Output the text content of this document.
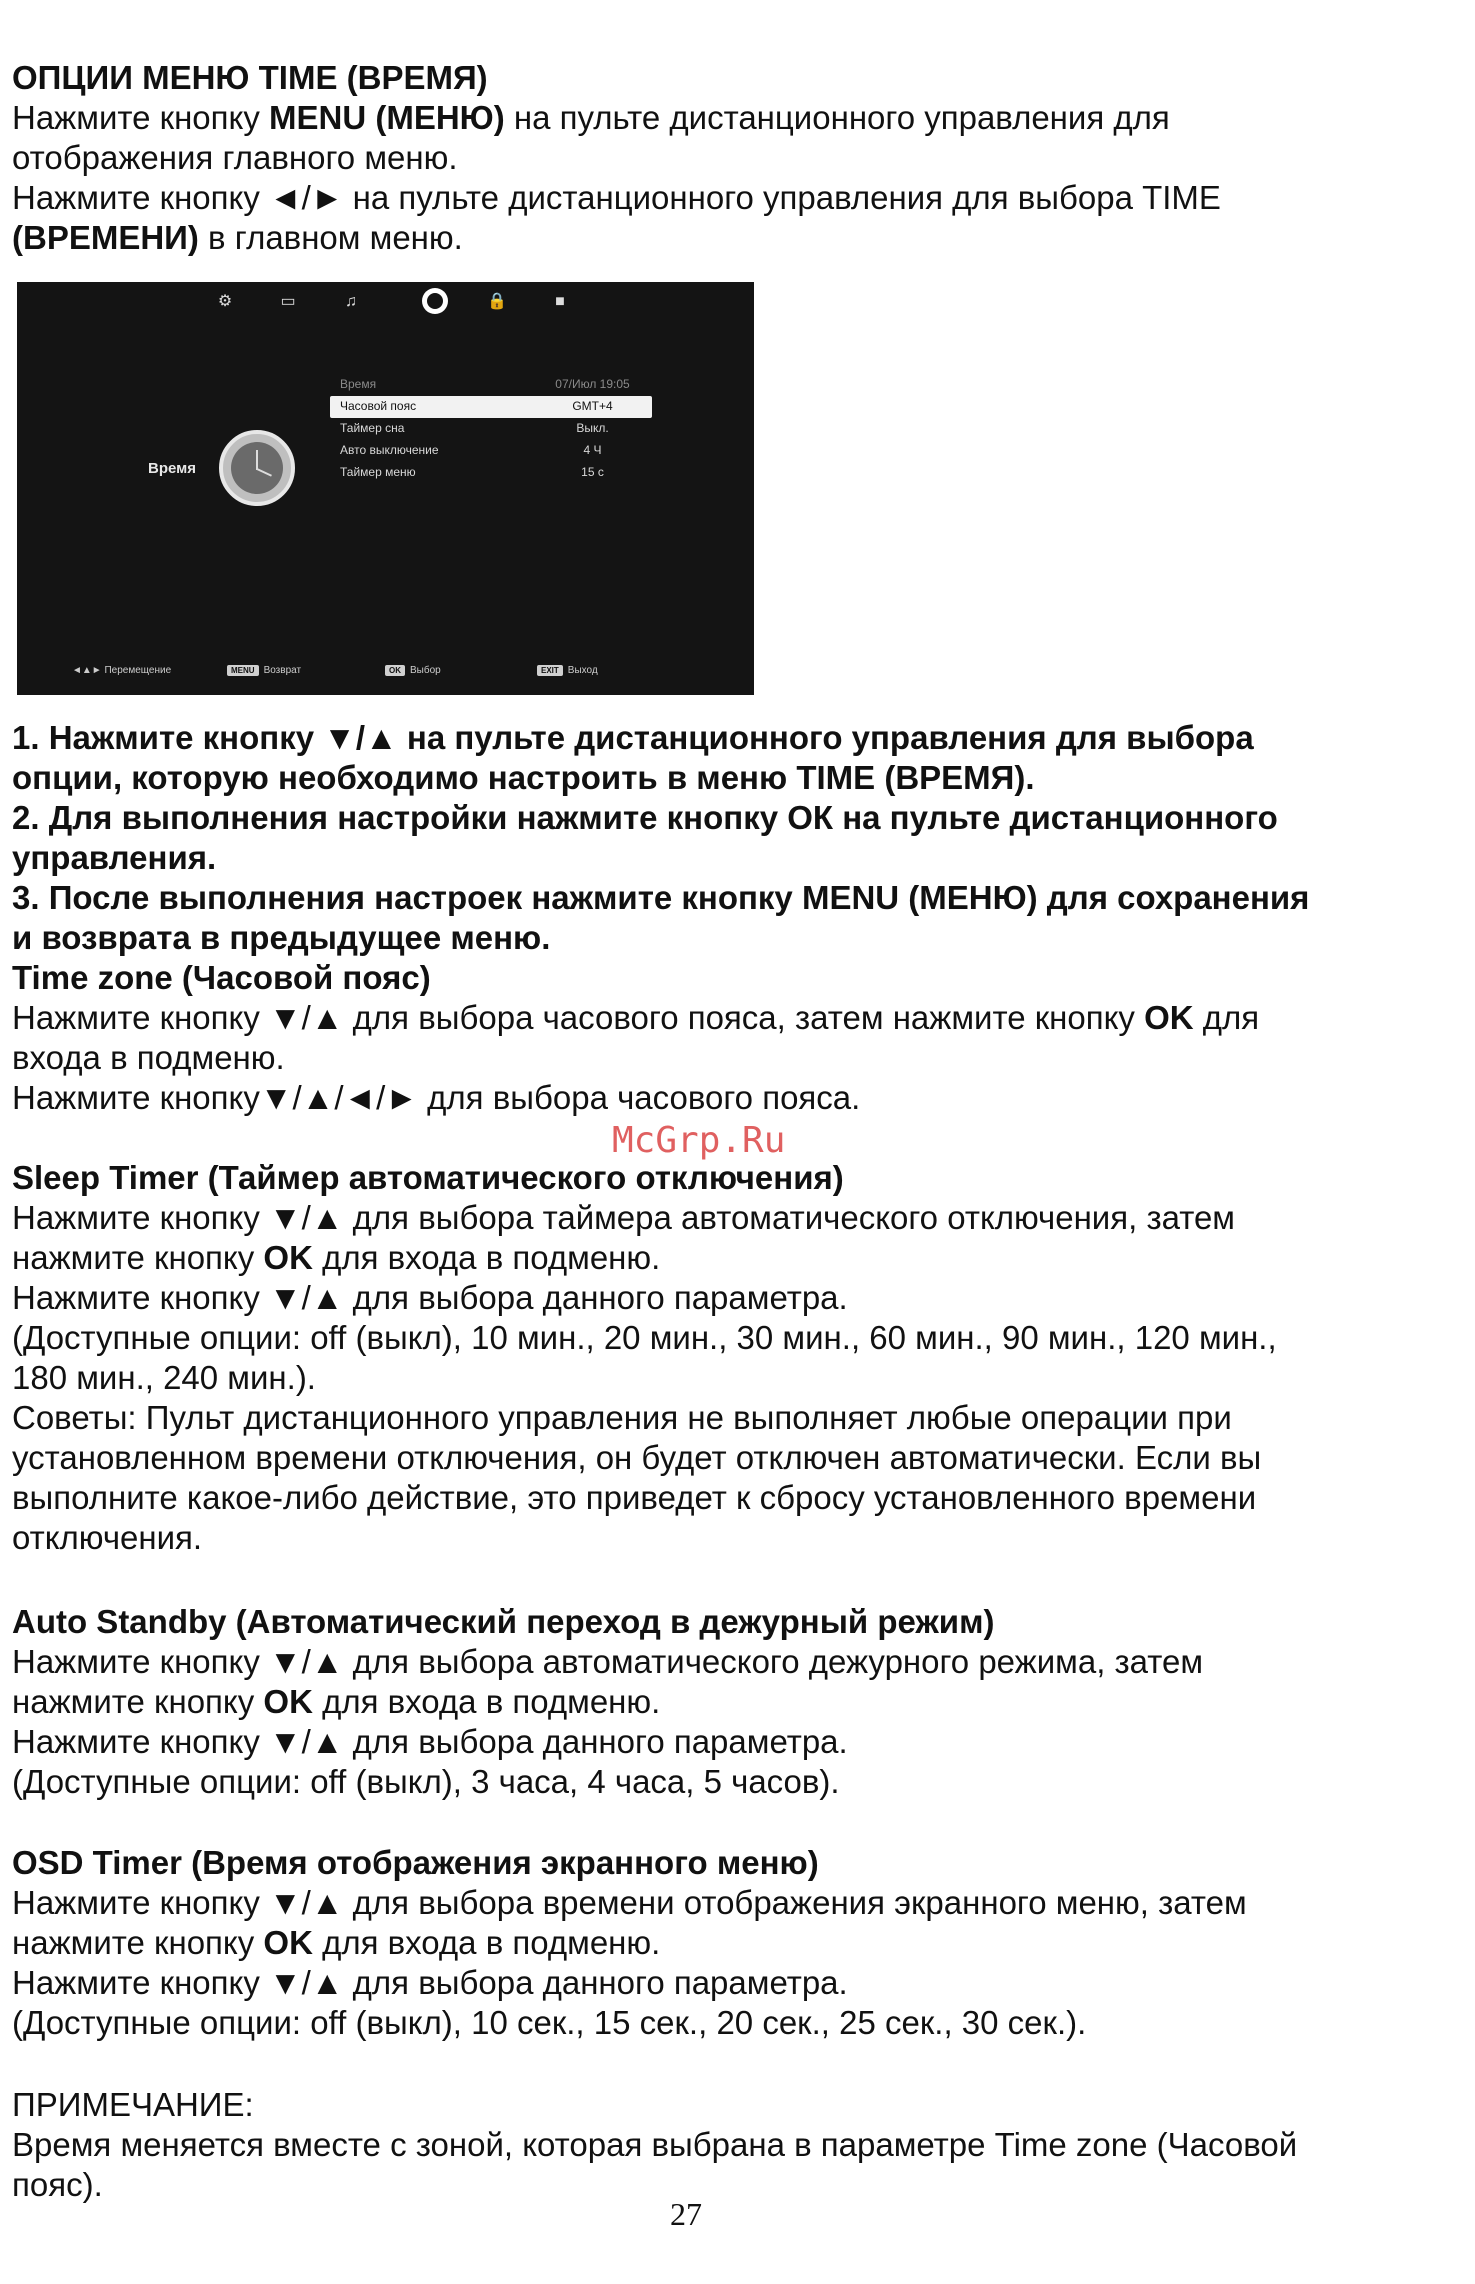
ОПЦИИ МЕНЮ TIME (ВРЕМЯ)

Нажмите кнопку MENU (МЕНЮ) на пульте дистанционного управления для

отображения главного меню.

Нажмите кнопку ◄/► на пульте дистанционного управления для выбора TIME

(ВРЕМЕНИ) в главном меню.

⚙	▭	♫	🔒	■
Время
Время	07/Июл 19:05
Часовой пояс	GMT+4
Таймер сна	Выкл.
Авто выключение	4 Ч
Таймер меню	15 с
◄▲► Перемещение	MENU Возврат	OK Выбор	EXIT Выход

1. Нажмите кнопку ▼/▲ на пульте дистанционного управления для выбора

опции, которую необходимо настроить в меню TIME (ВРЕМЯ).

2. Для выполнения настройки нажмите кнопку ОК на пульте дистанционного

управления.

3. После выполнения настроек нажмите кнопку MENU (МЕНЮ) для сохранения

и возврата в предыдущее меню.

Time zone (Часовой пояс)

Нажмите кнопку ▼/▲ для выбора часового пояса, затем нажмите кнопку OK для

входа в подменю.

Нажмите кнопку▼/▲/◄/► для выбора часового пояса.

McGrp.Ru

Sleep Timer (Таймер автоматического отключения)

Нажмите кнопку ▼/▲ для выбора таймера автоматического отключения, затем

нажмите кнопку OK для входа в подменю.

Нажмите кнопку ▼/▲ для выбора данного параметра.

(Доступные опции: off (выкл), 10 мин., 20 мин., 30 мин., 60 мин., 90 мин., 120 мин.,

180 мин., 240 мин.).

Советы: Пульт дистанционного управления не выполняет любые операции при

установленном времени отключения, он будет отключен автоматически. Если вы

выполните какое-либо действие, это приведет к сбросу установленного времени

отключения.

Auto Standby (Автоматический переход в дежурный режим)

Нажмите кнопку ▼/▲ для выбора автоматического дежурного режима, затем

нажмите кнопку OK для входа в подменю.

Нажмите кнопку ▼/▲ для выбора данного параметра.

(Доступные опции: off (выкл), 3 часа, 4 часа, 5 часов).

OSD Timer (Время отображения экранного меню)

Нажмите кнопку ▼/▲ для выбора времени отображения экранного меню, затем

нажмите кнопку OK для входа в подменю.

Нажмите кнопку ▼/▲ для выбора данного параметра.

(Доступные опции: off (выкл), 10 сек., 15 сек., 20 сек., 25 сек., 30 сек.).

ПРИМЕЧАНИЕ:

Время меняется вместе с зоной, которая выбрана в параметре Time zone (Часовой

пояс).

27
